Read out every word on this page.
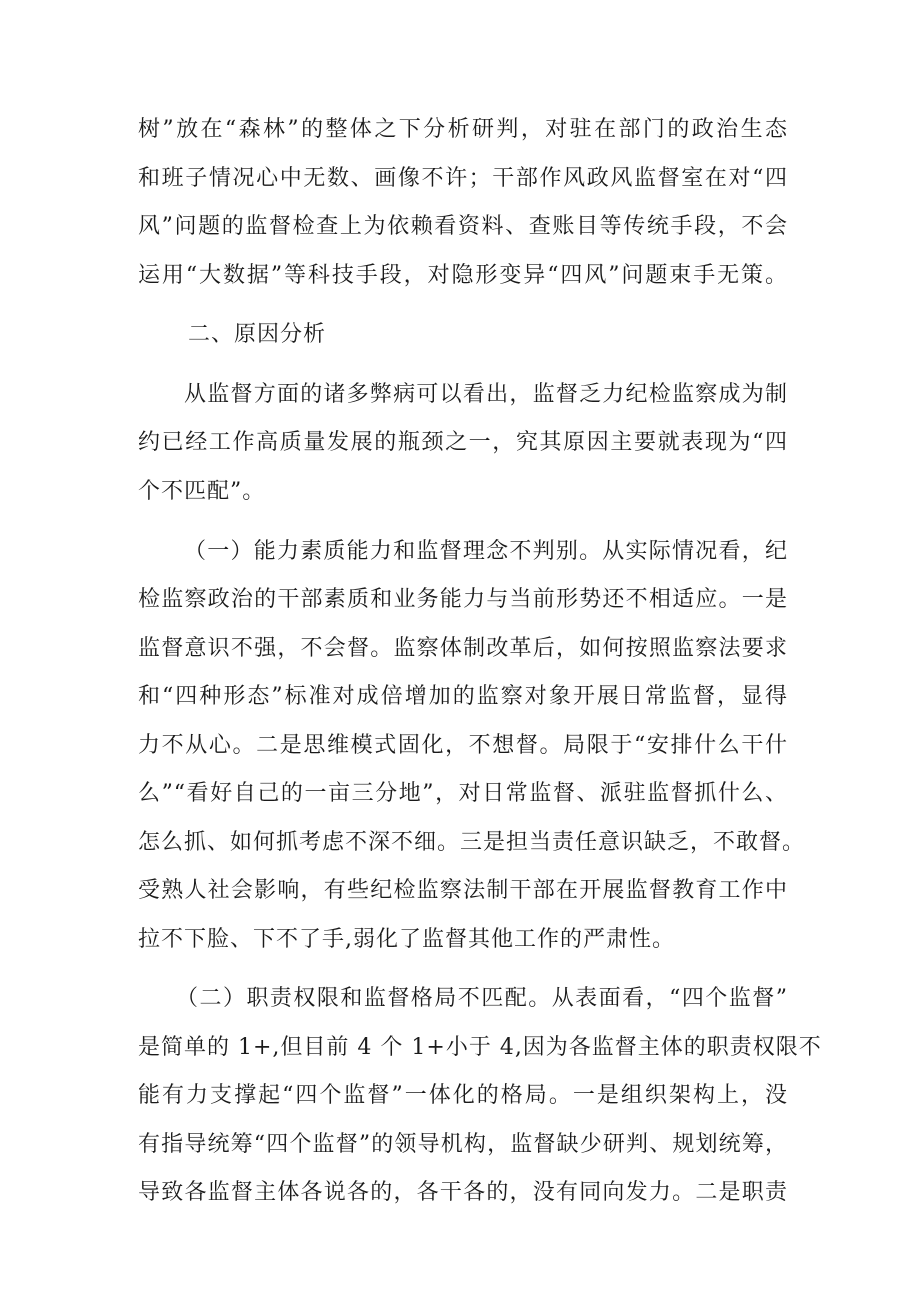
树”放在“森林”的整体之下分析研判，对驻在部门的政治生态
和班子情况心中无数、画像不许；干部作风政风监督室在对“四
风”问题的监督检查上为依赖看资料、查账目等传统手段，不会
运用“大数据”等科技手段，对隐形变异“四风”问题束手无策。
二、原因分析
从监督方面的诸多弊病可以看出，监督乏力纪检监察成为制
约已经工作高质量发展的瓶颈之一，究其原因主要就表现为“四
个不匹配”。
（一）能力素质能力和监督理念不判别。从实际情况看，纪
检监察政治的干部素质和业务能力与当前形势还不相适应。一是
监督意识不强，不会督。监察体制改革后，如何按照监察法要求
和“四种形态”标准对成倍增加的监察对象开展日常监督，显得
力不从心。二是思维模式固化，不想督。局限于“安排什么干什
么”“看好自己的一亩三分地”，对日常监督、派驻监督抓什么、
怎么抓、如何抓考虑不深不细。三是担当责任意识缺乏，不敢督。
受熟人社会影响，有些纪检监察法制干部在开展监督教育工作中
拉不下脸、下不了手,弱化了监督其他工作的严肃性。
（二）职责权限和监督格局不匹配。从表面看，“四个监督”
是简单的 1+,但目前 4 个 1+小于 4,因为各监督主体的职责权限不
能有力支撑起“四个监督”一体化的格局。一是组织架构上，没
有指导统筹“四个监督”的领导机构，监督缺少研判、规划统筹，
导致各监督主体各说各的，各干各的，没有同向发力。二是职责
